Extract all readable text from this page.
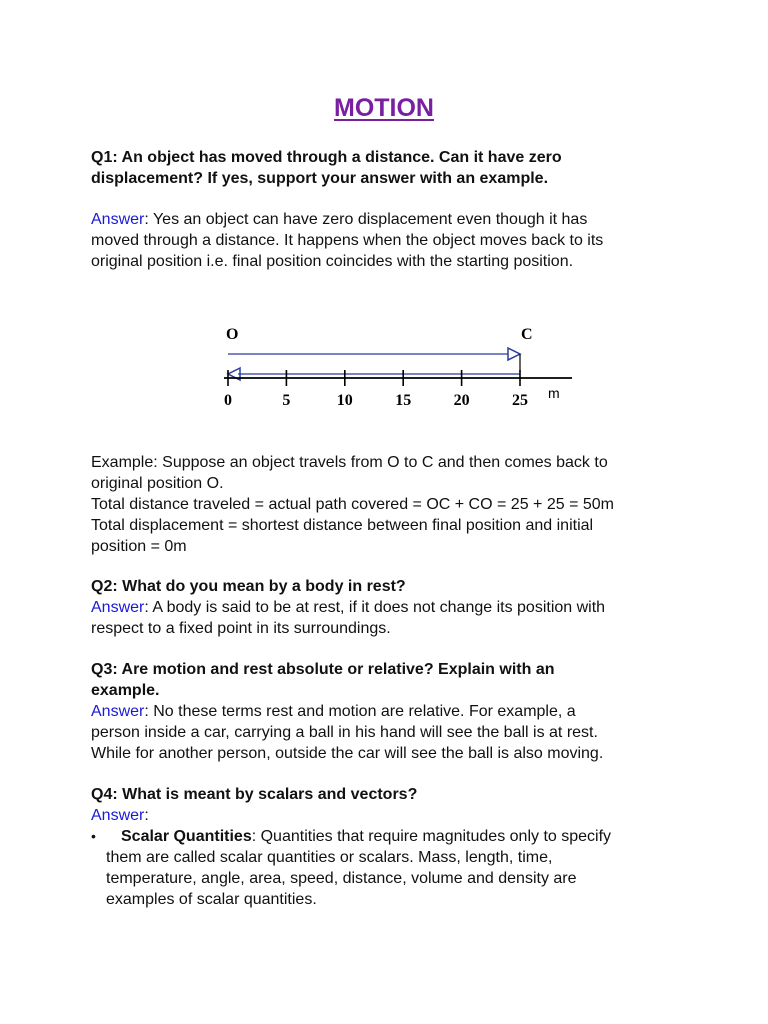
MOTION
Q1: An object has moved through a distance. Can it have zero
displacement? If yes, support your answer with an example.
Answer: Yes an object can have zero displacement even though it has
moved through a distance. It happens when the object moves back to its
original position i.e. final position coincides with the starting position.
O	C
0	5	10	15	20	25 m
Example: Suppose an object travels from O to C and then comes back to
original position O.
Total distance traveled = actual path covered = OC + CO = 25 + 25 = 50m
Total displacement = shortest distance between final position and initial
position = 0m
Q2: What do you mean by a body in rest?
Answer: A body is said to be at rest, if it does not change its position with
respect to a fixed point in its surroundings.
Q3: Are motion and rest absolute or relative? Explain with an
example.
Answer: No these terms rest and motion are relative. For example, a
person inside a car, carrying a ball in his hand will see the ball is at rest.
While for another person, outside the car will see the ball is also moving.
Q4: What is meant by scalars and vectors?
Answer:
•	Scalar Quantities: Quantities that require magnitudes only to specify
them are called scalar quantities or scalars. Mass, length, time,
temperature, angle, area, speed, distance, volume and density are
examples of scalar quantities.
